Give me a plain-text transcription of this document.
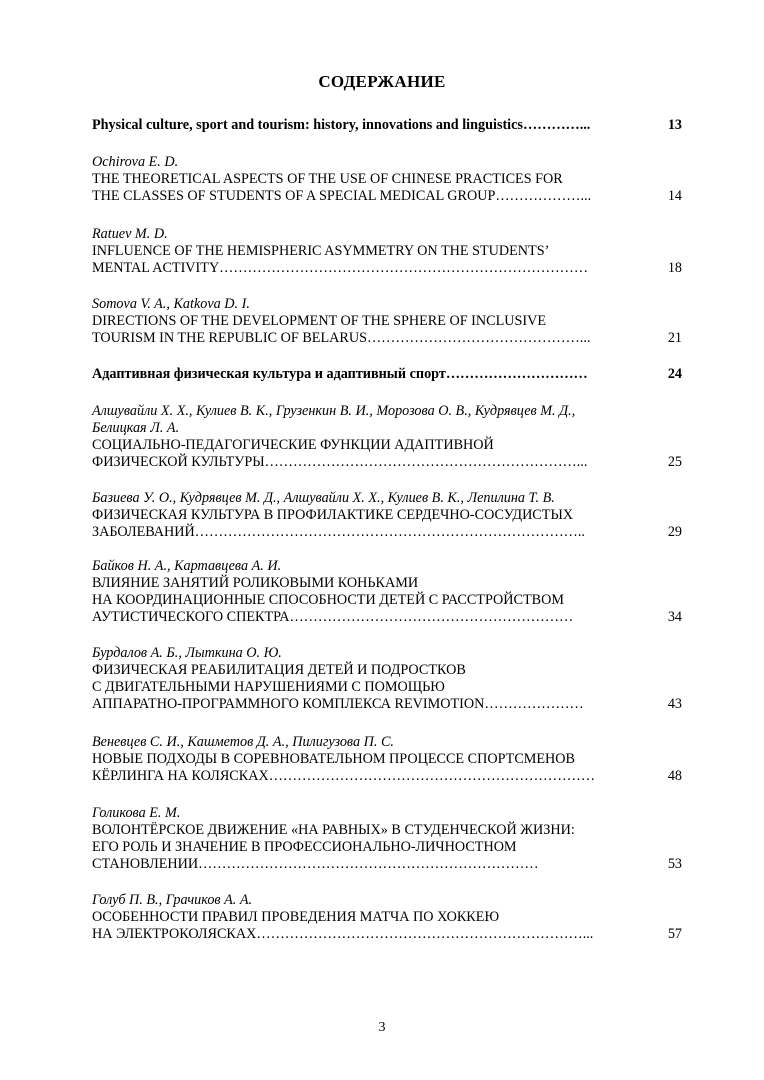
СОДЕРЖАНИЕ
Physical culture, sport and tourism: history, innovations and linguistics…………...	13
Ochirova E. D.
THE THEORETICAL ASPECTS OF THE USE OF CHINESE PRACTICES FOR
THE CLASSES OF STUDENTS OF A SPECIAL MEDICAL GROUP………………...	14
Ratuev M. D.
INFLUENCE OF THE HEMISPHERIC ASYMMETRY ON THE STUDENTS’
MENTAL ACTIVITY……………………………………………………………………	18
Somova V. A., Katkova D. I.
DIRECTIONS OF THE DEVELOPMENT OF THE SPHERE OF INCLUSIVE
TOURISM IN THE REPUBLIC OF BELARUS………………………………………...	21
Адаптивная физическая культура и адаптивный спорт…………………………	24
Алшувайли Х. Х., Кулиев В. К., Грузенкин В. И., Морозова О. В., Кудрявцев М. Д.,
Белицкая Л. А.
СОЦИАЛЬНО-ПЕДАГОГИЧЕСКИЕ ФУНКЦИИ АДАПТИВНОЙ
ФИЗИЧЕСКОЙ КУЛЬТУРЫ…………………………………………………………...	25
Базиева У. О., Кудрявцев М. Д., Алшувайли Х. Х., Кулиев В. К., Лепилина Т. В.
ФИЗИЧЕСКАЯ КУЛЬТУРА В ПРОФИЛАКТИКЕ СЕРДЕЧНО-СОСУДИСТЫХ
ЗАБОЛЕВАНИЙ………………………………………………………………………..	29
Байков Н. А., Картавцева А. И.
ВЛИЯНИЕ ЗАНЯТИЙ РОЛИКОВЫМИ КОНЬКАМИ
НА КООРДИНАЦИОННЫЕ СПОСОБНОСТИ ДЕТЕЙ С РАССТРОЙСТВОМ
АУТИСТИЧЕСКОГО СПЕКТРА……………………………………………………	34
Бурдалов А. Б., Лыткина О. Ю.
ФИЗИЧЕСКАЯ РЕАБИЛИТАЦИЯ ДЕТЕЙ И ПОДРОСТКОВ
С ДВИГАТЕЛЬНЫМИ НАРУШЕНИЯМИ С ПОМОЩЬЮ
АППАРАТНО-ПРОГРАММНОГО КОМПЛЕКСА REVIMOTION…………………	43
Веневцев С. И., Кашметов Д. А., Пилигузова П. С.
НОВЫЕ ПОДХОДЫ В СОРЕВНОВАТЕЛЬНОМ ПРОЦЕССЕ СПОРТСМЕНОВ
КЁРЛИНГА НА КОЛЯСКАХ……………………………………………………………	48
Голикова Е. М.
ВОЛОНТЁРСКОЕ ДВИЖЕНИЕ «НА РАВНЫХ» В СТУДЕНЧЕСКОЙ ЖИЗНИ:
ЕГО РОЛЬ И ЗНАЧЕНИЕ В ПРОФЕССИОНАЛЬНО-ЛИЧНОСТНОМ
СТАНОВЛЕНИИ………………………………………………………………	53
Голуб П. В., Грачиков А. А.
ОСОБЕННОСТИ ПРАВИЛ ПРОВЕДЕНИЯ МАТЧА ПО ХОККЕЮ
НА ЭЛЕКТРОКОЛЯСКАХ……………………………………………………………...	57
3
